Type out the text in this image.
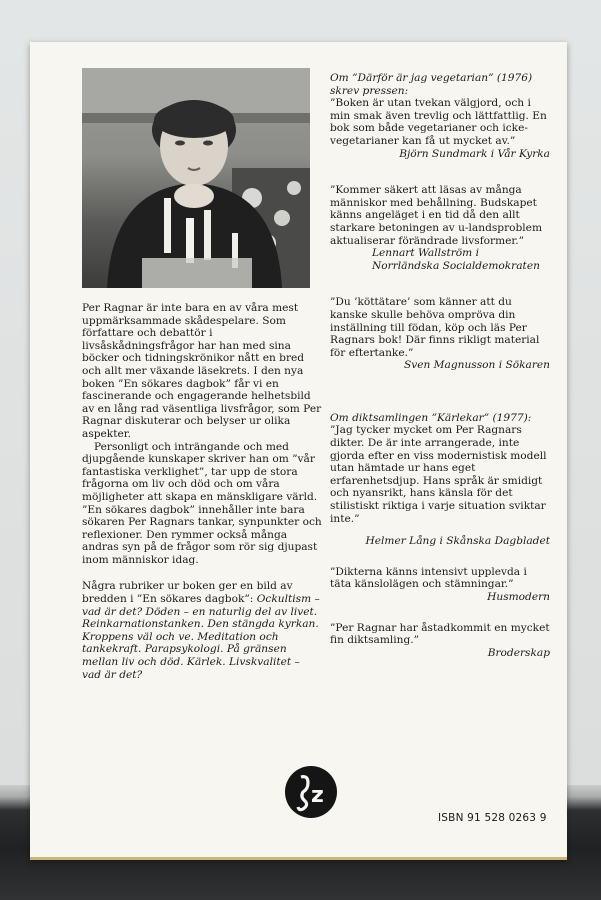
Per Ragnar är inte bara en av våra mest uppmärksammade skådespelare. Som författare och debattör i livsåskådningsfrågor har han med sina böcker och tidningskrönikor nått en bred och allt mer växande läsekrets. I den nya boken ”En sökares dagbok” får vi en fascinerande och engagerande helhetsbild av en lång rad väsentliga livsfrågor, som Per Ragnar diskuterar och belyser ur olika aspekter.

Personligt och inträngande och med djupgående kunskaper skriver han om ”vår fantastiska verklighet”, tar upp de stora frågorna om liv och död och om våra möjligheter att skapa en mänskligare värld. ”En sökares dagbok” innehåller inte bara sökaren Per Ragnars tankar, synpunkter och reflexioner. Den rymmer också många andras syn på de frågor som rör sig djupast inom människor idag.

Några rubriker ur boken ger en bild av bredden i ”En sökares dagbok”: Ockultism – vad är det? Döden – en naturlig del av livet. Reinkarnationstanken. Den stängda kyrkan. Kroppens väl och ve. Meditation och tankekraft. Parapsykologi. På gränsen mellan liv och död. Kärlek. Livskvalitet – vad är det?

Om ”Därför är jag vegetarian” (1976) skrev pressen:

”Boken är utan tvekan välgjord, och i min smak även trevlig och lättfattlig. En bok som både vegetarianer och icke-vegetarianer kan få ut mycket av.”

Björn Sundmark i Vår Kyrka

”Kommer säkert att läsas av många människor med behållning. Budskapet känns angeläget i en tid då den allt starkare betoningen av u-landsproblem aktualiserar förändrade livsformer.”

Lennart Wallström i

Norrländska Socialdemokraten

”Du ’köttätare’ som känner att du kanske skulle behöva ompröva din inställning till födan, köp och läs Per Ragnars bok! Där finns rikligt material för eftertanke.”

Sven Magnusson i Sökaren

Om diktsamlingen ”Kärlekar” (1977):

”Jag tycker mycket om Per Ragnars dikter. De är inte arrangerade, inte gjorda efter en viss modernistisk modell utan hämtade ur hans eget erfarenhetsdjup. Hans språk är smidigt och nyansrikt, hans känsla för det stilistiskt riktiga i varje situation sviktar inte.”

Helmer Lång i Skånska Dagbladet

”Dikterna känns intensivt upplevda i täta känslolägen och stämningar.”

Husmodern

”Per Ragnar har åstadkommit en mycket fin diktsamling.”

Broderskap

z
ISBN 91 528 0263 9
